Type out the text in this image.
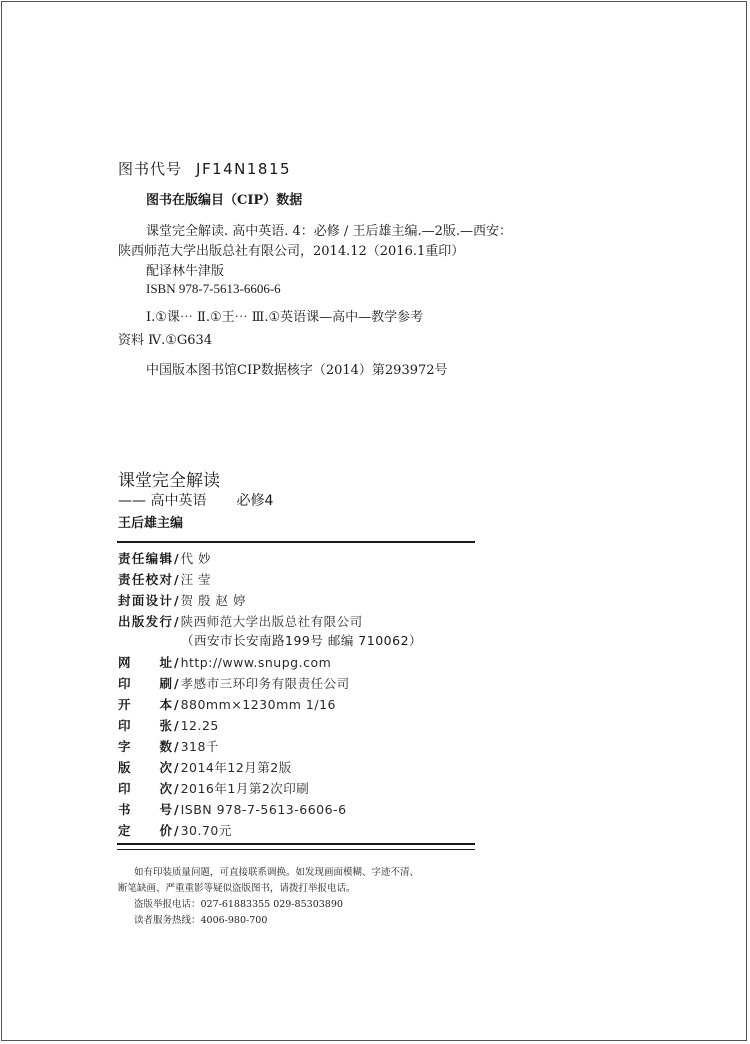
图书代号 JF14N1815
图书在版编目（CIP）数据
课堂完全解读. 高中英语. 4：必修 / 王后雄主编.—2版.—西安：
陕西师范大学出版总社有限公司，2014.12（2016.1重印）
配译林牛津版
ISBN 978-7-5613-6606-6
Ⅰ.①课⋯ Ⅱ.①王⋯ Ⅲ.①英语课—高中—教学参考
资料 Ⅳ.①G634
中国版本图书馆CIP数据核字（2014）第293972号
课堂完全解读
—— 高中英语 必修4
王后雄主编
责任编辑 / 代 妙
责任校对 / 汪 莹
封面设计 / 贺 殷 赵 婷
出版发行 / 陕西师范大学出版总社有限公司
网址 / http://www.snupg.com
印刷 / 孝感市三环印务有限责任公司
开本 / 880mm×1230mm 1/16
印张 / 12.25
字数 / 318千
版次 / 2014年12月第2版
印次 / 2016年1月第2次印刷
书号 / ISBN 978-7-5613-6606-6
定价 / 30.70元
（西安市长安南路199号 邮编 710062）
如有印装质量问题，可直接联系调换。如发现画面模糊、字迹不清、
断笔缺画、严重重影等疑似盗版图书，请拨打举报电话。
盗版举报电话：027-61883355 029-85303890
读者服务热线：4006-980-700
